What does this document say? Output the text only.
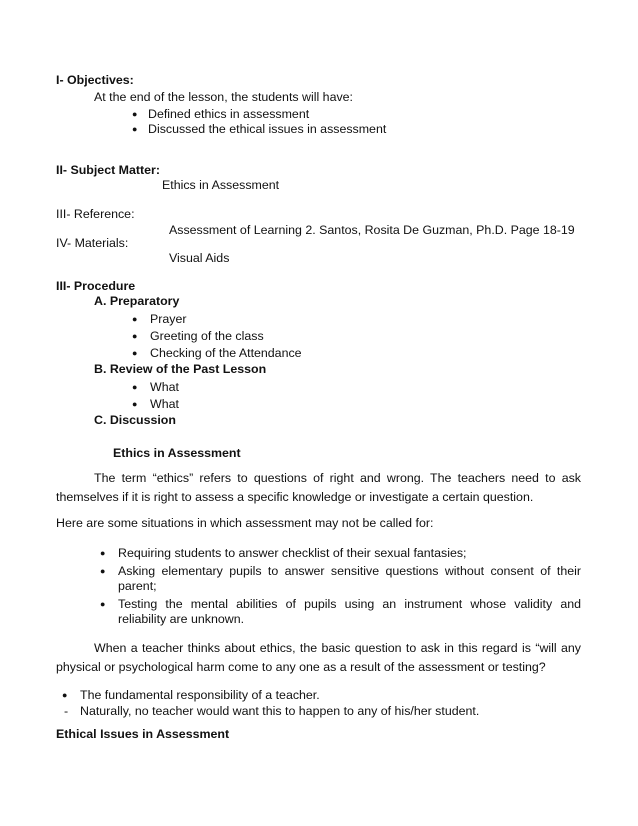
I- Objectives:
At the end of the lesson, the students will have:
● Defined ethics in assessment
● Discussed the ethical issues in assessment
II- Subject Matter:
Ethics in Assessment
III- Reference:
Assessment of Learning 2. Santos, Rosita De Guzman, Ph.D. Page 18-19
IV- Materials:
Visual Aids
III- Procedure
A. Preparatory
● Prayer
● Greeting of the class
● Checking of the Attendance
B. Review of the Past Lesson
● What
● What
C. Discussion
Ethics in Assessment
The term “ethics” refers to questions of right and wrong. The teachers need to ask
themselves if it is right to assess a specific knowledge or investigate a certain question.
Here are some situations in which assessment may not be called for:
● Requiring students to answer checklist of their sexual fantasies;
● Asking elementary pupils to answer sensitive questions without consent of their
parent;
● Testing the mental abilities of pupils using an instrument whose validity and
reliability are unknown.
When a teacher thinks about ethics, the basic question to ask in this regard is “will any
physical or psychological harm come to any one as a result of the assessment or testing?
● The fundamental responsibility of a teacher.
- Naturally, no teacher would want this to happen to any of his/her student.
Ethical Issues in Assessment
